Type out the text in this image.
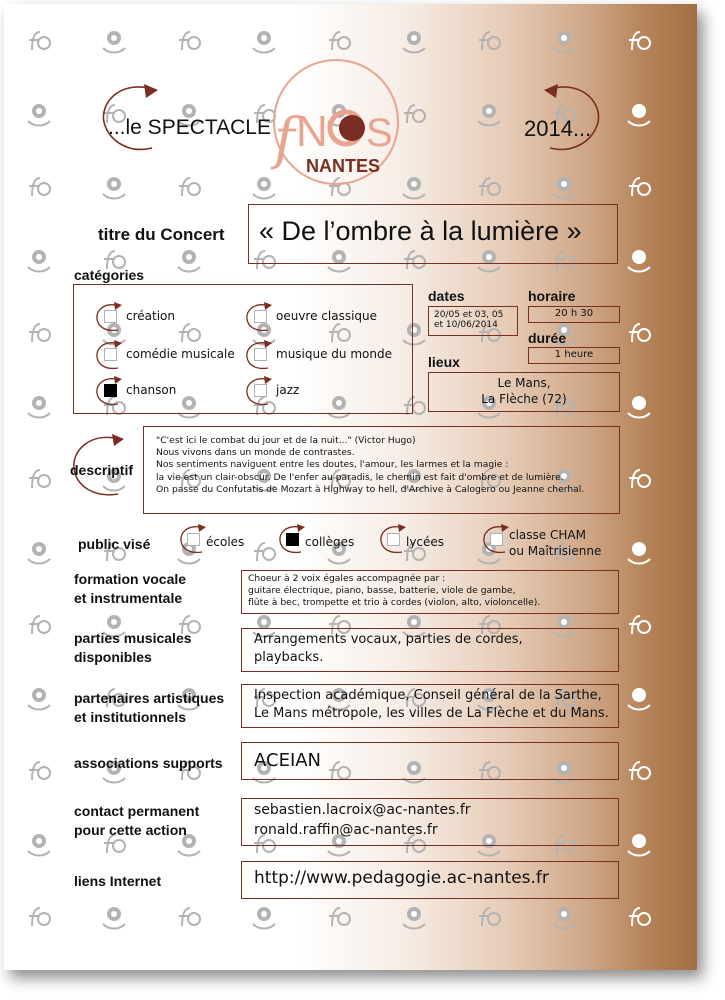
...le SPECTACLE	2014...
f N S
NANTES
titre du Concert « De l’ombre à la lumière »
catégories
création	oeuvre classique
comédie musicale	musique du monde
chanson	jazz
dates
20/05 et 03, 05
et 10/06/2014
horaire
20 h 30
durée
1 heure
lieux
Le Mans,
La Flèche (72)
descriptif
"C'est ici le combat du jour et de la nuit..." (Victor Hugo)
Nous vivons dans un monde de contrastes.
Nos sentiments naviguent entre les doutes, l'amour, les larmes et la magie :
la vie est un clair-obscur. De l'enfer au paradis, le chemin est fait d'ombre et de lumière.
On passe du Confutatis de Mozart à Highway to hell, d'Archive à Calogero ou Jeanne cherhal.
public visé	écoles	collèges	lycées	classe CHAM
ou Maîtrisienne
formation vocale
et instrumentale
Choeur à 2 voix égales accompagnée par :
guitare électrique, piano, basse, batterie, viole de gambe,
flûte à bec, trompette et trio à cordes (violon, alto, violoncelle).
parties musicales
disponibles
Arrangements vocaux, parties de cordes,
playbacks.
partenaires artistiques
et institutionnels
Inspection académique, Conseil général de la Sarthe,
Le Mans métropole, les villes de La Flèche et du Mans.
associations supports ACEIAN
contact permanent
pour cette action
sebastien.lacroix@ac-nantes.fr
ronald.raffin@ac-nantes.fr
liens Internet	http://www.pedagogie.ac-nantes.fr
